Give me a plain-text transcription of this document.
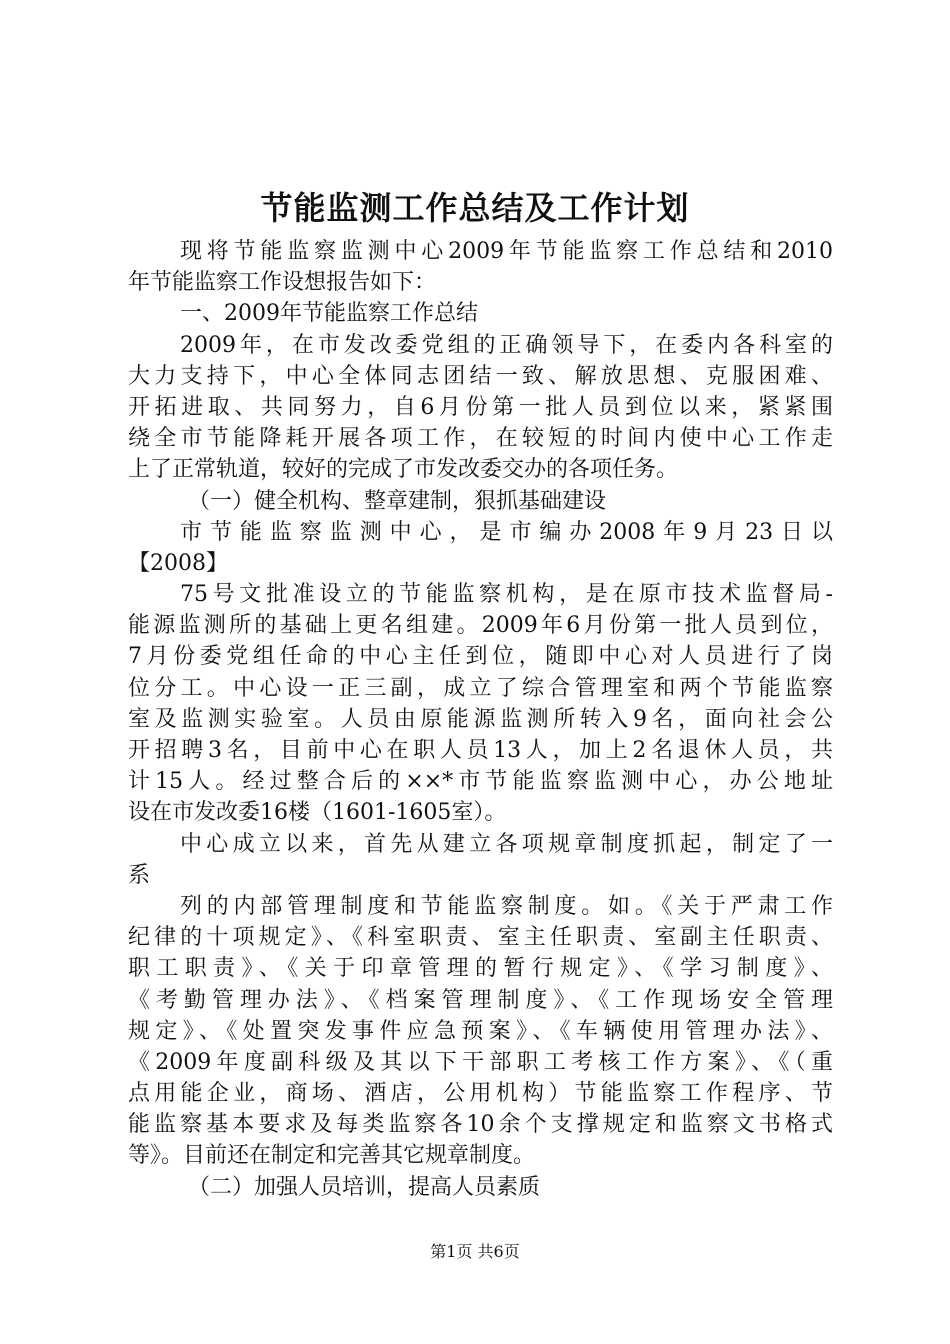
节能监测工作总结及工作计划
现将节能监察监测中心2009年节能监察工作总结和2010
年节能监察工作设想报告如下：
一、2009年节能监察工作总结
2009年，在市发改委党组的正确领导下，在委内各科室的
大力支持下，中心全体同志团结一致、解放思想、克服困难、
开拓进取、共同努力，自6月份第一批人员到位以来，紧紧围
绕全市节能降耗开展各项工作，在较短的时间内使中心工作走
上了正常轨道，较好的完成了市发改委交办的各项任务。
（一）健全机构、整章建制，狠抓基础建设
市节能监察监测中心，是市编办2008年9月23日以
【2008】
75号文批准设立的节能监察机构，是在原市技术监督局-
能源监测所的基础上更名组建。2009年6月份第一批人员到位，
7月份委党组任命的中心主任到位，随即中心对人员进行了岗
位分工。中心设一正三副，成立了综合管理室和两个节能监察
室及监测实验室。人员由原能源监测所转入9名，面向社会公
开招聘3名，目前中心在职人员13人，加上2名退休人员，共
计15人。经过整合后的××*市节能监察监测中心，办公地址
设在市发改委16楼（1601-1605室）。
中心成立以来，首先从建立各项规章制度抓起，制定了一
系
列的内部管理制度和节能监察制度。如。《关于严肃工作
纪律的十项规定》、《科室职责、室主任职责、室副主任职责、
职工职责》、《关于印章管理的暂行规定》、《学习制度》、
《考勤管理办法》、《档案管理制度》、《工作现场安全管理
规定》、《处置突发事件应急预案》、《车辆使用管理办法》、
《2009年度副科级及其以下干部职工考核工作方案》、《（重
点用能企业，商场、酒店，公用机构）节能监察工作程序、节
能监察基本要求及每类监察各10余个支撑规定和监察文书格式
等》。目前还在制定和完善其它规章制度。
（二）加强人员培训，提高人员素质
第1页 共6页
